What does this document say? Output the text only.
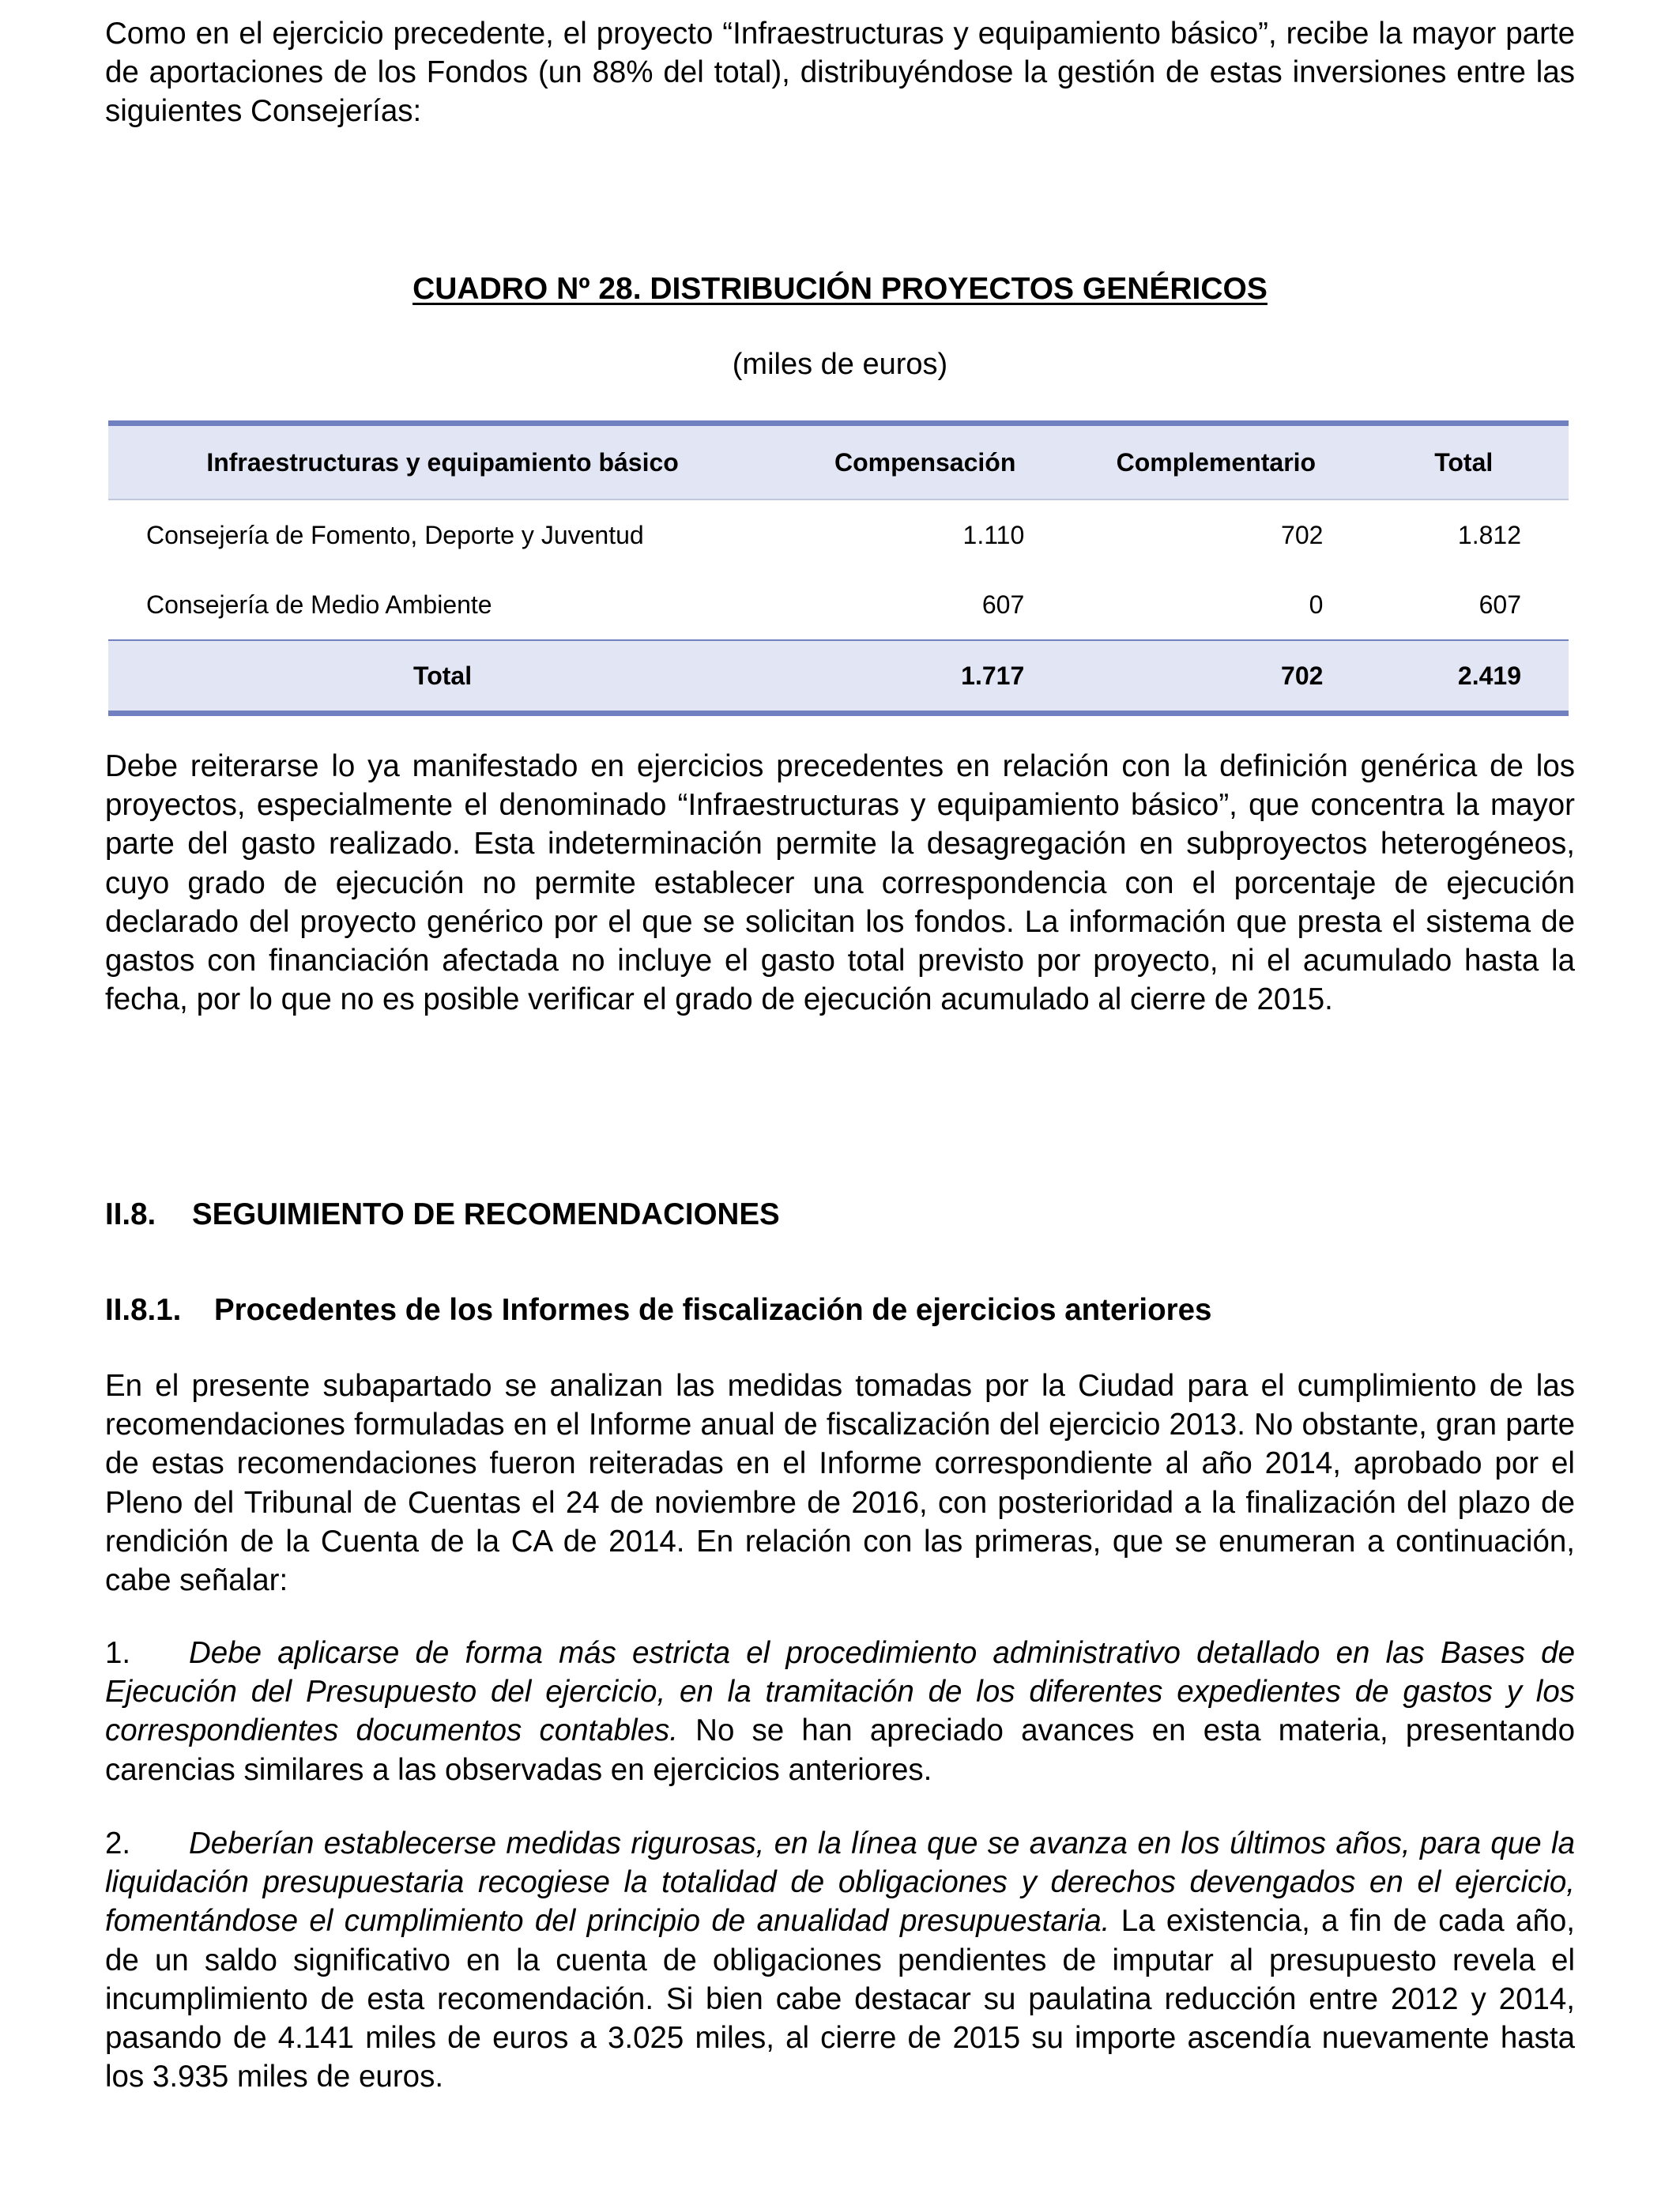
Como en el ejercicio precedente, el proyecto “Infraestructuras y equipamiento básico”, recibe la mayor parte de aportaciones de los Fondos (un 88% del total), distribuyéndose la gestión de estas inversiones entre las siguientes Consejerías:

CUADRO Nº 28. DISTRIBUCIÓN PROYECTOS GENÉRICOS

(miles de euros)

Infraestructuras y equipamiento básico	Compensación	Complementario	Total
Consejería de Fomento, Deporte y Juventud	1.110	702	1.812
Consejería de Medio Ambiente	607	0	607
Total	1.717	702	2.419

Debe reiterarse lo ya manifestado en ejercicios precedentes en relación con la definición genérica de los proyectos, especialmente el denominado “Infraestructuras y equipamiento básico”, que concentra la mayor parte del gasto realizado. Esta indeterminación permite la desagregación en subproyectos heterogéneos, cuyo grado de ejecución no permite establecer una correspondencia con el porcentaje de ejecución declarado del proyecto genérico por el que se solicitan los fondos. La información que presta el sistema de gastos con financiación afectada no incluye el gasto total previsto por proyecto, ni el acumulado hasta la fecha, por lo que no es posible verificar el grado de ejecución acumulado al cierre de 2015.

II.8. SEGUIMIENTO DE RECOMENDACIONES
II.8.1. Procedentes de los Informes de fiscalización de ejercicios anteriores

En el presente subapartado se analizan las medidas tomadas por la Ciudad para el cumplimiento de las recomendaciones formuladas en el Informe anual de fiscalización del ejercicio 2013. No obstante, gran parte de estas recomendaciones fueron reiteradas en el Informe correspondiente al año 2014, aprobado por el Pleno del Tribunal de Cuentas el 24 de noviembre de 2016, con posterioridad a la finalización del plazo de rendición de la Cuenta de la CA de 2014. En relación con las primeras, que se enumeran a continuación, cabe señalar:

1. Debe aplicarse de forma más estricta el procedimiento administrativo detallado en las Bases de Ejecución del Presupuesto del ejercicio, en la tramitación de los diferentes expedientes de gastos y los correspondientes documentos contables. No se han apreciado avances en esta materia, presentando carencias similares a las observadas en ejercicios anteriores.

2. Deberían establecerse medidas rigurosas, en la línea que se avanza en los últimos años, para que la liquidación presupuestaria recogiese la totalidad de obligaciones y derechos devengados en el ejercicio, fomentándose el cumplimiento del principio de anualidad presupuestaria. La existencia, a fin de cada año, de un saldo significativo en la cuenta de obligaciones pendientes de imputar al presupuesto revela el incumplimiento de esta recomendación. Si bien cabe destacar su paulatina reducción entre 2012 y 2014, pasando de 4.141 miles de euros a 3.025 miles, al cierre de 2015 su importe ascendía nuevamente hasta los 3.935 miles de euros.
